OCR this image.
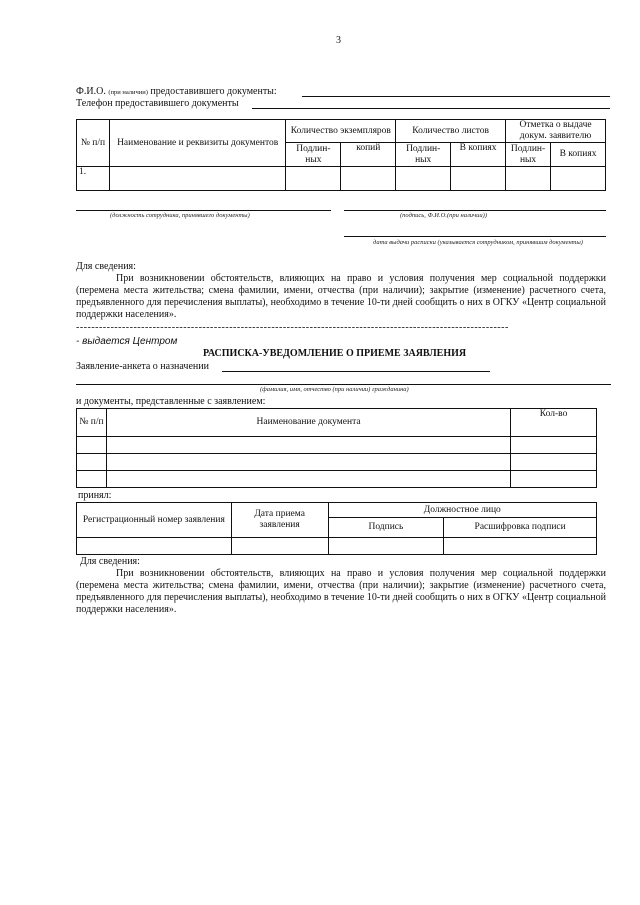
3
Ф.И.О. (при наличии) предоставившего документы:
Телефон предоставившего документы
№ п/п	Наименование и реквизиты документов	Количество экземпляров		Количество листов		Отметка о выдаче докум. заявителю	
		Подлин-ных	копий	Подлин-ных	В копиях	Подлин-ных	В копиях
1.							
(должность сотрудника, принявшего документы)	(подпись, Ф.И.О.(при наличии))
дата выдачи расписки (указывается сотрудником, принявшим документы)
Для сведения:
При возникновении обстоятельств, влияющих на право и условия получения мер социальной поддержки (перемена места жительства; смена фамилии, имени, отчества (при наличии); закрытие (изменение) расчетного счета, предъявленного для перечисления выплаты), необходимо в течение 10-ти дней сообщить о них в ОГКУ «Центр социальной поддержки населения».
-----------------------------------------------------------------------------------------------------------------
- выдается Центром
РАСПИСКА-УВЕДОМЛЕНИЕ О ПРИЕМЕ ЗАЯВЛЕНИЯ
Заявление-анкета о назначении
(фамилия, имя, отчество (при наличии) гражданина)
и документы, представленные с заявлением:
№ п/п	Наименование документа	Кол-во

принял:
Регистрационный номер заявления	Дата приема заявления	Должностное лицо	
		Подпись	Расшифровка подписи

Для сведения:
При возникновении обстоятельств, влияющих на право и условия получения мер социальной поддержки (перемена места жительства; смена фамилии, имени, отчества (при наличии); закрытие (изменение) расчетного счета, предъявленного для перечисления выплаты), необходимо в течение 10-ти дней сообщить о них в ОГКУ «Центр социальной поддержки населения».
